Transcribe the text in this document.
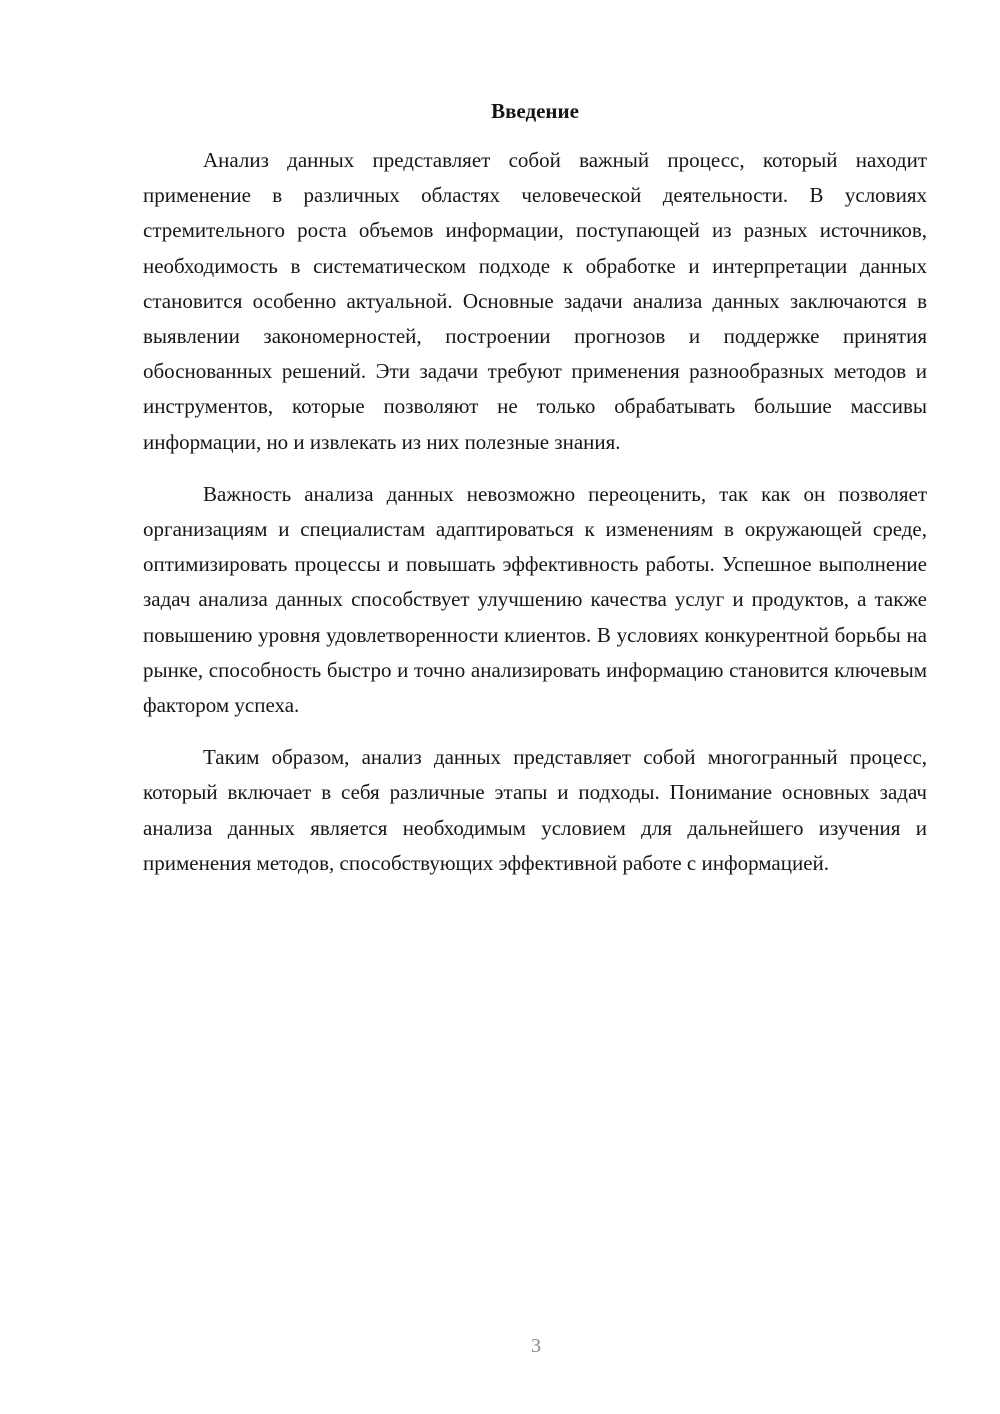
Введение

Анализ данных представляет собой важный процесс, который находит применение в различных областях человеческой деятельности. В условиях стремительного роста объемов информации, поступающей из разных источников, необходимость в систематическом подходе к обработке и интерпретации данных становится особенно актуальной. Основные задачи анализа данных заключаются в выявлении закономерностей, построении прогнозов и поддержке принятия обоснованных решений. Эти задачи требуют применения разнообразных методов и инструментов, которые позволяют не только обрабатывать большие массивы информации, но и извлекать из них полезные знания.

Важность анализа данных невозможно переоценить, так как он позволяет организациям и специалистам адаптироваться к изменениям в окружающей среде, оптимизировать процессы и повышать эффективность работы. Успешное выполнение задач анализа данных способствует улучшению качества услуг и продуктов, а также повышению уровня удовлетворенности клиентов. В условиях конкурентной борьбы на рынке, способность быстро и точно анализировать информацию становится ключевым фактором успеха.

Таким образом, анализ данных представляет собой многогранный процесс, который включает в себя различные этапы и подходы. Понимание основных задач анализа данных является необходимым условием для дальнейшего изучения и применения методов, способствующих эффективной работе с информацией.

3
